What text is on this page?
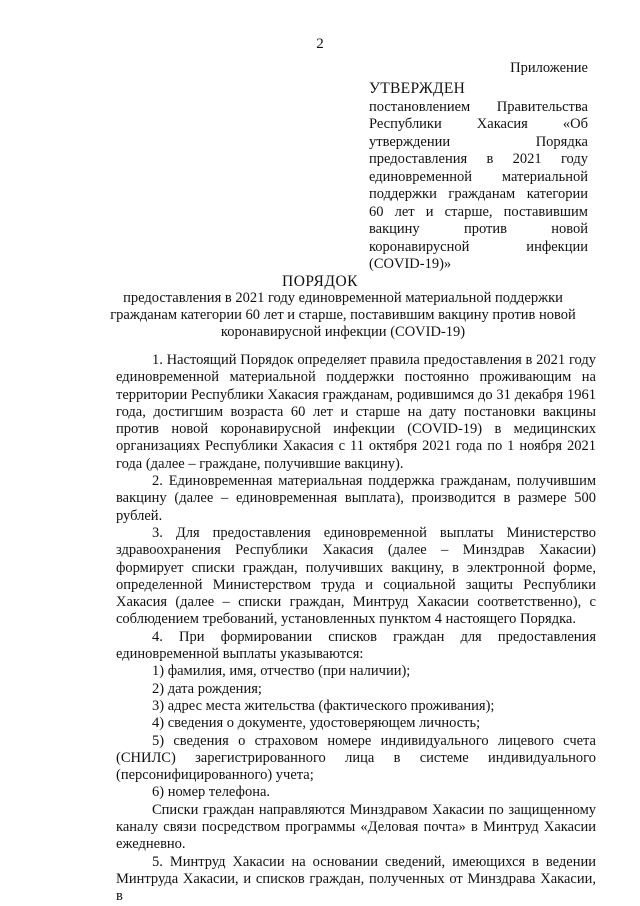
2
Приложение
УТВЕРЖДЕН
постановлением Правительства Республики Хакасия «Об утверждении Порядка предоставления в 2021 году единовременной материальной поддержки гражданам категории 60 лет и старше, поставившим вакцину против новой коронавирусной инфекции (COVID-19)»
ПОРЯДОК
предоставления в 2021 году единовременной материальной поддержки гражданам категории 60 лет и старше, поставившим вакцину против новой коронавирусной инфекции (COVID-19)

1. Настоящий Порядок определяет правила предоставления в 2021 году единовременной материальной поддержки постоянно проживающим на территории Республики Хакасия гражданам, родившимся до 31 декабря 1961 года, достигшим возраста 60 лет и старше на дату постановки вакцины против новой коронавирусной инфекции (COVID-19) в медицинских организациях Республики Хакасия с 11 октября 2021 года по 1 ноября 2021 года (далее – граждане, получившие вакцину).

2. Единовременная материальная поддержка гражданам, получившим вакцину (далее – единовременная выплата), производится в размере 500 рублей.

3. Для предоставления единовременной выплаты Министерство здравоохранения Республики Хакасия (далее – Минздрав Хакасии) формирует списки граждан, получивших вакцину, в электронной форме, определенной Министерством труда и социальной защиты Республики Хакасия (далее – списки граждан, Минтруд Хакасии соответственно), с соблюдением требований, установленных пунктом 4 настоящего Порядка.

4. При формировании списков граждан для предоставления единовременной выплаты указываются:

1) фамилия, имя, отчество (при наличии);

2) дата рождения;

3) адрес места жительства (фактического проживания);

4) сведения о документе, удостоверяющем личность;

5) сведения о страховом номере индивидуального лицевого счета (СНИЛС) зарегистрированного лица в системе индивидуального (персонифицированного) учета;

6) номер телефона.

Списки граждан направляются Минздравом Хакасии по защищенному каналу связи посредством программы «Деловая почта» в Минтруд Хакасии ежедневно.

5. Минтруд Хакасии на основании сведений, имеющихся в ведении Минтруда Хакасии, и списков граждан, полученных от Минздрава Хакасии, в
